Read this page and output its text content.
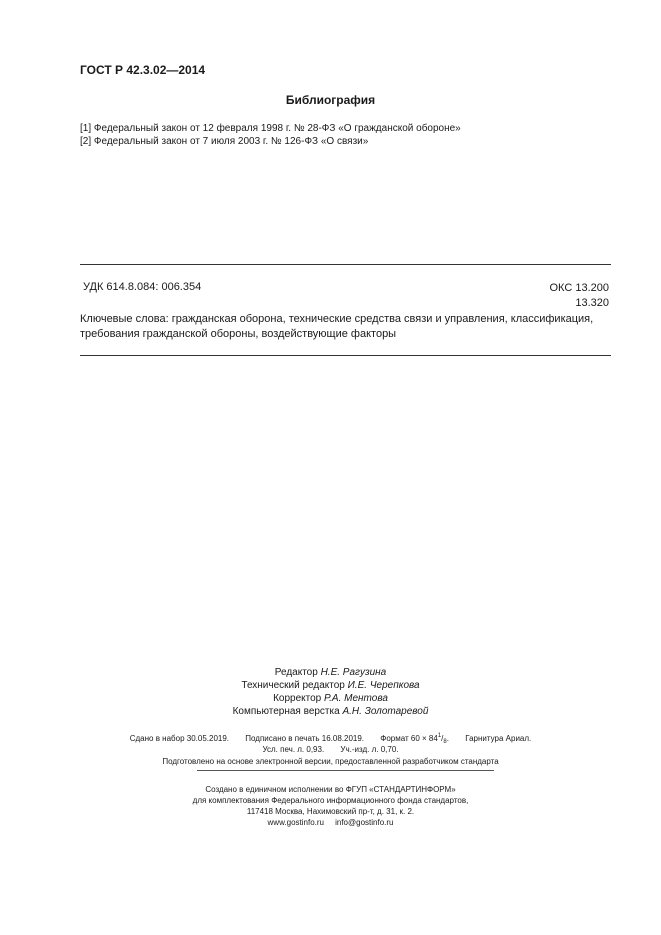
ГОСТ Р 42.3.02—2014
Библиография
[1] Федеральный закон от 12 февраля 1998 г. № 28-ФЗ «О гражданской обороне»
[2] Федеральный закон от 7 июля 2003 г. № 126-ФЗ «О связи»
УДК 614.8.084: 006.354	ОКС 13.200
13.320
Ключевые слова: гражданская оборона, технические средства связи и управления, классификация, требования гражданской обороны, воздействующие факторы
Редактор Н.Е. Рагузина
Технический редактор И.Е. Черепкова
Корректор Р.А. Ментова
Компьютерная верстка А.Н. Золотаревой
Сдано в набор 30.05.2019. Подписано в печать 16.08.2019. Формат $60 \times 84^1/_8$. Гарнитура Ариал.
Усл. печ. л. 0,93. Уч.-изд. л. 0,70.
Подготовлено на основе электронной версии, предоставленной разработчиком стандарта
Создано в единичном исполнении во ФГУП «СТАНДАРТИНФОРМ»
для комплектования Федерального информационного фонда стандартов,
117418 Москва, Нахимовский пр-т, д. 31, к. 2.
www.gostinfo.ru info@gostinfo.ru
